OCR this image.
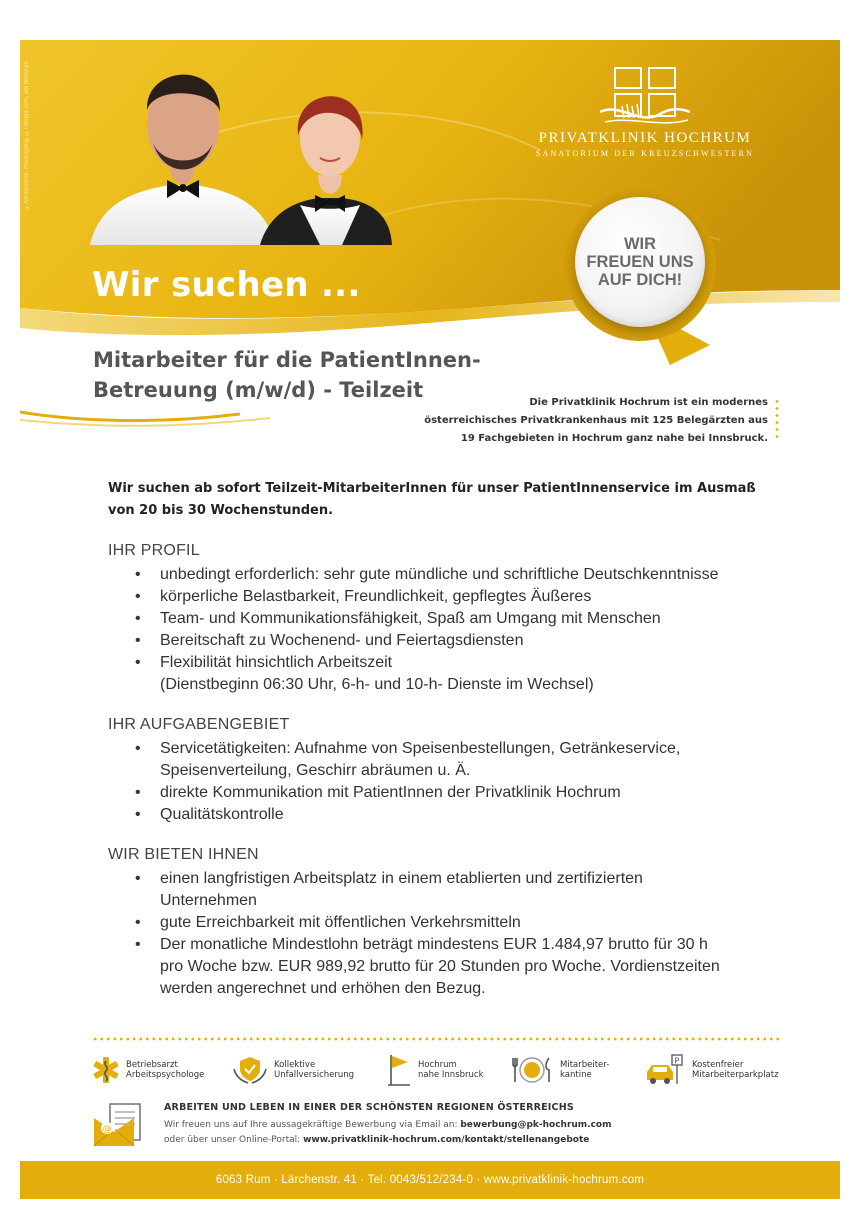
©Adobestock, mockupdog, ©People.com, adi hochrum	PRIVATKLINIK HOCHRUM
SANATORIUM DER KREUZSCHWESTERN
WIR
FREUEN UNS
AUF DICH!
Wir suchen ...
Mitarbeiter für die PatientInnen-
Betreuung (m/w/d) - Teilzeit
Die Privatklinik Hochrum ist ein modernes
österreichisches Privatkrankenhaus mit 125 Belegärzten aus
19 Fachgebieten in Hochrum ganz nahe bei Innsbruck.
Wir suchen ab sofort Teilzeit-MitarbeiterInnen für unser PatientInnenservice im Ausmaß
von 20 bis 30 Wochenstunden.
IHR PROFIL
• unbedingt erforderlich: sehr gute mündliche und schriftliche Deutschkenntnisse
• körperliche Belastbarkeit, Freundlichkeit, gepflegtes Äußeres
• Team- und Kommunikationsfähigkeit, Spaß am Umgang mit Menschen
• Bereitschaft zu Wochenend- und Feiertagsdiensten
• Flexibilität hinsichtlich Arbeitszeit
(Dienstbeginn 06:30 Uhr, 6-h- und 10-h- Dienste im Wechsel)
IHR AUFGABENGEBIET
• Servicetätigkeiten: Aufnahme von Speisenbestellungen, Getränkeservice,
Speisenverteilung, Geschirr abräumen u. Ä.
• direkte Kommunikation mit PatientInnen der Privatklinik Hochrum
• Qualitätskontrolle
WIR BIETEN IHNEN
• einen langfristigen Arbeitsplatz in einem etablierten und zertifizierten
Unternehmen
• gute Erreichbarkeit mit öffentlichen Verkehrsmitteln
• Der monatliche Mindestlohn beträgt mindestens EUR 1.484,97 brutto für 30 h
pro Woche bzw. EUR 989,92 brutto für 20 Stunden pro Woche. Vordienstzeiten
werden angerechnet und erhöhen den Bezug.
Betriebsarzt
Arbeitspsychologe
Kollektive
Unfallversicherung
Hochrum
nahe Innsbruck
Mitarbeiter-
kantine
P Kostenfreier
Mitarbeiterparkplatz
@
ARBEITEN UND LEBEN IN EINER DER SCHÖNSTEN REGIONEN ÖSTERREICHS
Wir freuen uns auf Ihre aussagekräftige Bewerbung via Email an: bewerbung@pk-hochrum.com
oder über unser Online-Portal: www.privatklinik-hochrum.com/kontakt/stellenangebote
6063 Rum · Lärchenstr. 41 · Tel. 0043/512/234-0 · www.privatklinik-hochrum.com
